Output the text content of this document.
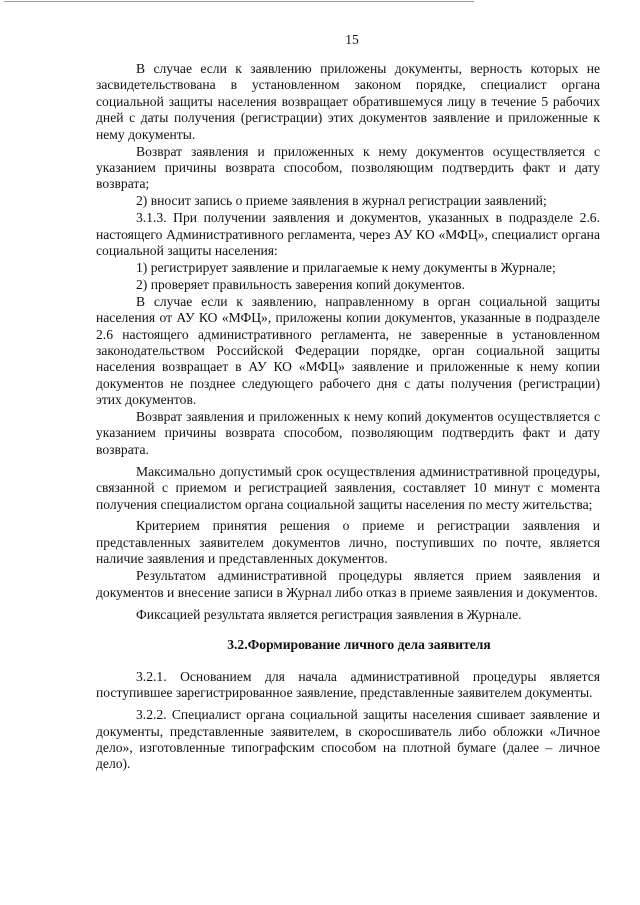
15

В случае если к заявлению приложены документы, верность которых не засвидетельствована в установленном законом порядке, специалист органа социальной защиты населения возвращает обратившемуся лицу в течение 5 рабочих дней с даты получения (регистрации) этих документов заявление и приложенные к нему документы.

Возврат заявления и приложенных к нему документов осуществляется с указанием причины возврата способом, позволяющим подтвердить факт и дату возврата;

2) вносит запись о приеме заявления в журнал регистрации заявлений;

3.1.3. При получении заявления и документов, указанных в подразделе 2.6. настоящего Административного регламента, через АУ КО «МФЦ», специалист органа социальной защиты населения:

1) регистрирует заявление и прилагаемые к нему документы в Журнале;

2) проверяет правильность заверения копий документов.

В случае если к заявлению, направленному в орган социальной защиты населения от АУ КО «МФЦ», приложены копии документов, указанные в подразделе 2.6 настоящего административного регламента, не заверенные в установленном законодательством Российской Федерации порядке, орган социальной защиты населения возвращает в АУ КО «МФЦ» заявление и приложенные к нему копии документов не позднее следующего рабочего дня с даты получения (регистрации) этих документов.

Возврат заявления и приложенных к нему копий документов осуществляется с указанием причины возврата способом, позволяющим подтвердить факт и дату возврата.

Максимально допустимый срок осуществления административной процедуры, связанной с приемом и регистрацией заявления, составляет 10 минут с момента получения специалистом органа социальной защиты населения по месту жительства;

Критерием принятия решения о приеме и регистрации заявления и представленных заявителем документов лично, поступивших по почте, является наличие заявления и представленных документов.

Результатом административной процедуры является прием заявления и документов и внесение записи в Журнал либо отказ в приеме заявления и документов.

Фиксацией результата является регистрация заявления в Журнале.

3.2.Формирование личного дела заявителя

3.2.1. Основанием для начала административной процедуры является поступившее зарегистрированное заявление, представленные заявителем документы.

3.2.2. Специалист органа социальной защиты населения сшивает заявление и документы, представленные заявителем, в скоросшиватель либо обложки «Личное дело», изготовленные типографским способом на плотной бумаге (далее – личное дело).
